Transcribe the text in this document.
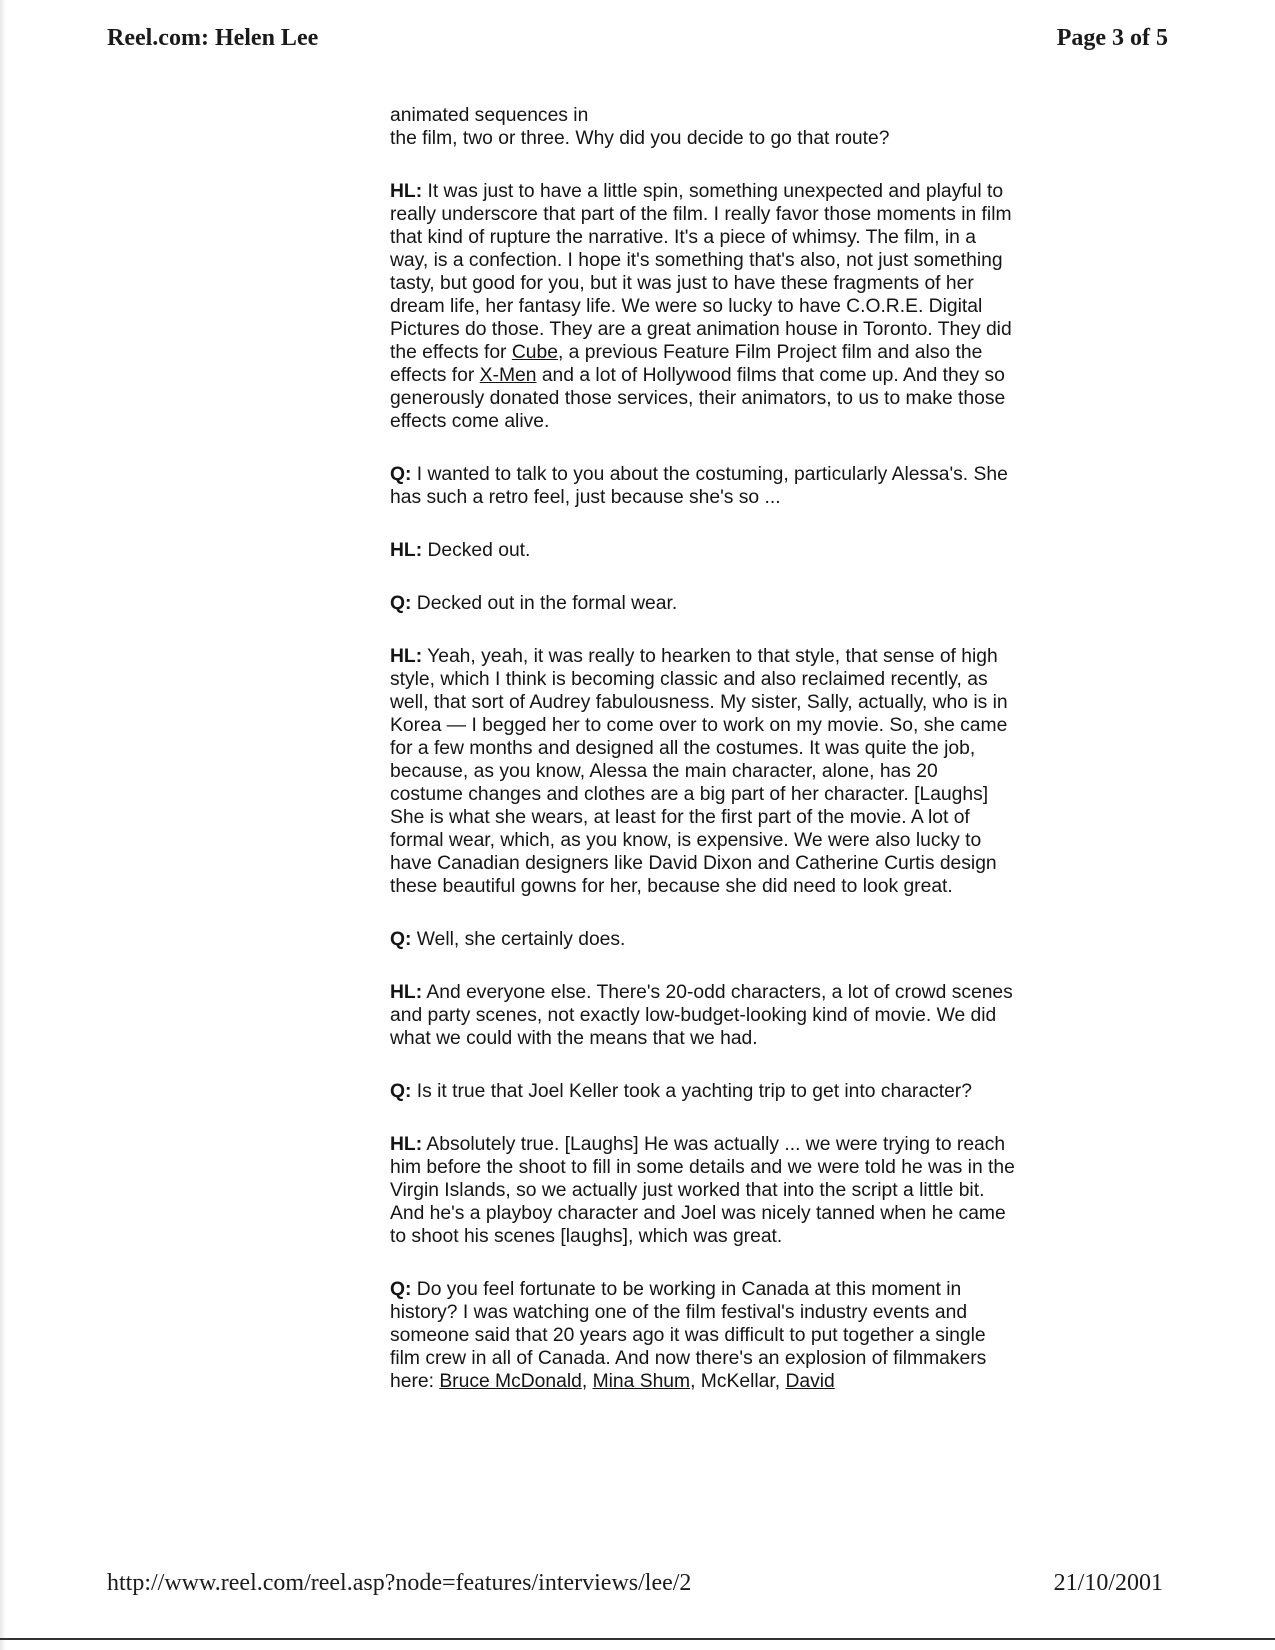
Reel.com: Helen Lee	Page 3 of 5

animated sequences in
the film, two or three. Why did you decide to go that route?

HL: It was just to have a little spin, something unexpected and playful to really underscore that part of the film. I really favor those moments in film that kind of rupture the narrative. It's a piece of whimsy. The film, in a way, is a confection. I hope it's something that's also, not just something tasty, but good for you, but it was just to have these fragments of her dream life, her fantasy life. We were so lucky to have C.O.R.E. Digital Pictures do those. They are a great animation house in Toronto. They did the effects for Cube, a previous Feature Film Project film and also the effects for X-Men and a lot of Hollywood films that come up. And they so generously donated those services, their animators, to us to make those effects come alive.

Q: I wanted to talk to you about the costuming, particularly Alessa's. She has such a retro feel, just because she's so ...

HL: Decked out.

Q: Decked out in the formal wear.

HL: Yeah, yeah, it was really to hearken to that style, that sense of high style, which I think is becoming classic and also reclaimed recently, as well, that sort of Audrey fabulousness. My sister, Sally, actually, who is in Korea — I begged her to come over to work on my movie. So, she came for a few months and designed all the costumes. It was quite the job, because, as you know, Alessa the main character, alone, has 20 costume changes and clothes are a big part of her character. [Laughs] She is what she wears, at least for the first part of the movie. A lot of formal wear, which, as you know, is expensive. We were also lucky to have Canadian designers like David Dixon and Catherine Curtis design these beautiful gowns for her, because she did need to look great.

Q: Well, she certainly does.

HL: And everyone else. There's 20-odd characters, a lot of crowd scenes and party scenes, not exactly low-budget-looking kind of movie. We did what we could with the means that we had.

Q: Is it true that Joel Keller took a yachting trip to get into character?

HL: Absolutely true. [Laughs] He was actually ... we were trying to reach him before the shoot to fill in some details and we were told he was in the Virgin Islands, so we actually just worked that into the script a little bit. And he's a playboy character and Joel was nicely tanned when he came to shoot his scenes [laughs], which was great.

Q: Do you feel fortunate to be working in Canada at this moment in history? I was watching one of the film festival's industry events and someone said that 20 years ago it was difficult to put together a single film crew in all of Canada. And now there's an explosion of filmmakers here: Bruce McDonald, Mina Shum, McKellar, David

http://www.reel.com/reel.asp?node=features/interviews/lee/2	21/10/2001
